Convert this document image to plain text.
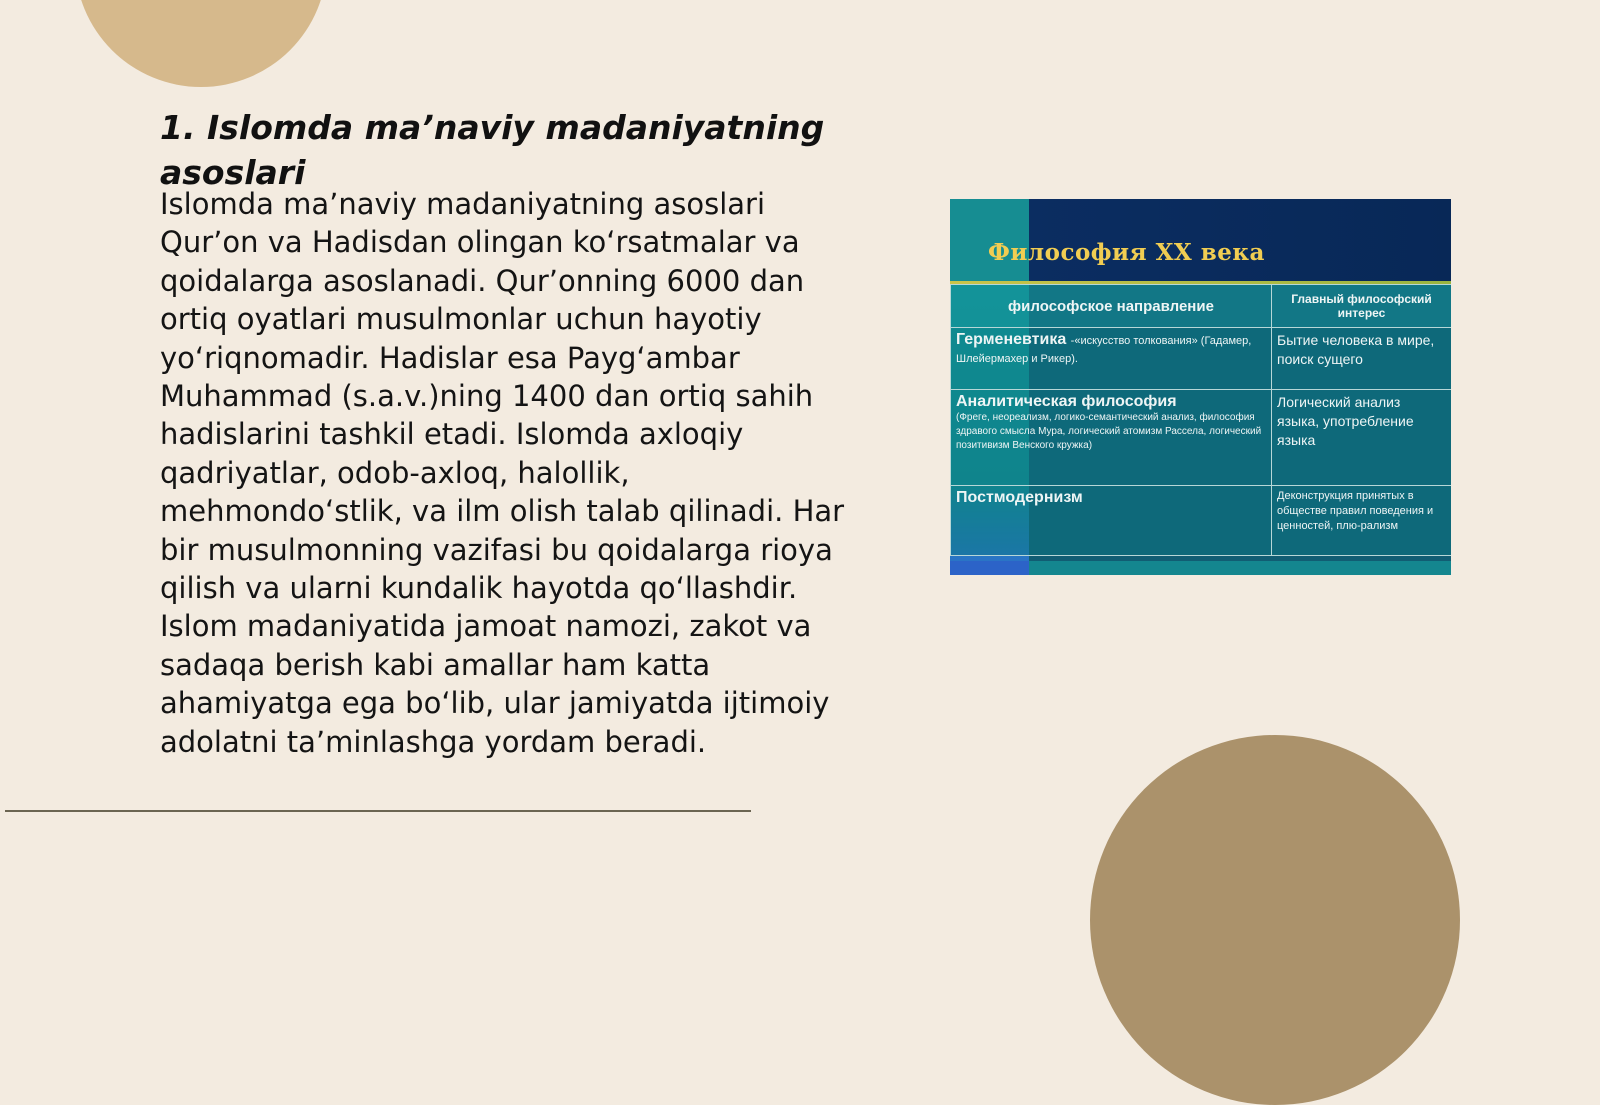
1. Islomda ma’naviy madaniyatning asoslari

Islomda ma’naviy madaniyatning asoslari Qur’on va Hadisdan olingan ko‘rsatmalar va qoidalarga asoslanadi. Qur’onning 6000 dan ortiq oyatlari musulmonlar uchun hayotiy yo‘riqnomadir. Hadislar esa Payg‘ambar Muhammad (s.a.v.)ning 1400 dan ortiq sahih hadislarini tashkil etadi. Islomda axloqiy qadriyatlar, odob-axloq, halollik, mehmondo‘stlik, va ilm olish talab qilinadi. Har bir musulmonning vazifasi bu qoidalarga rioya qilish va ularni kundalik hayotda qo‘llashdir. Islom madaniyatida jamoat namozi, zakot va sadaqa berish kabi amallar ham katta ahamiyatga ega bo‘lib, ular jamiyatda ijtimoiy adolatni ta’minlashga yordam beradi.

Философия XX века
философское направление	Главный философский интерес
Герменевтика -«искусство толкования» (Гадамер, Шлейермахер и Рикер).	Бытие человека в мире, поиск сущего

Аналитическая философия
(Фреге, неореализм, логико-семантический анализ, философия здравого смысла Мура, логический атомизм Рассела, логический позитивизм Венского кружка)	Логический анализ языка, употребление языка

Постмодернизм	Деконструкция принятых в обществе правил поведения и ценностей, плю-рализм
